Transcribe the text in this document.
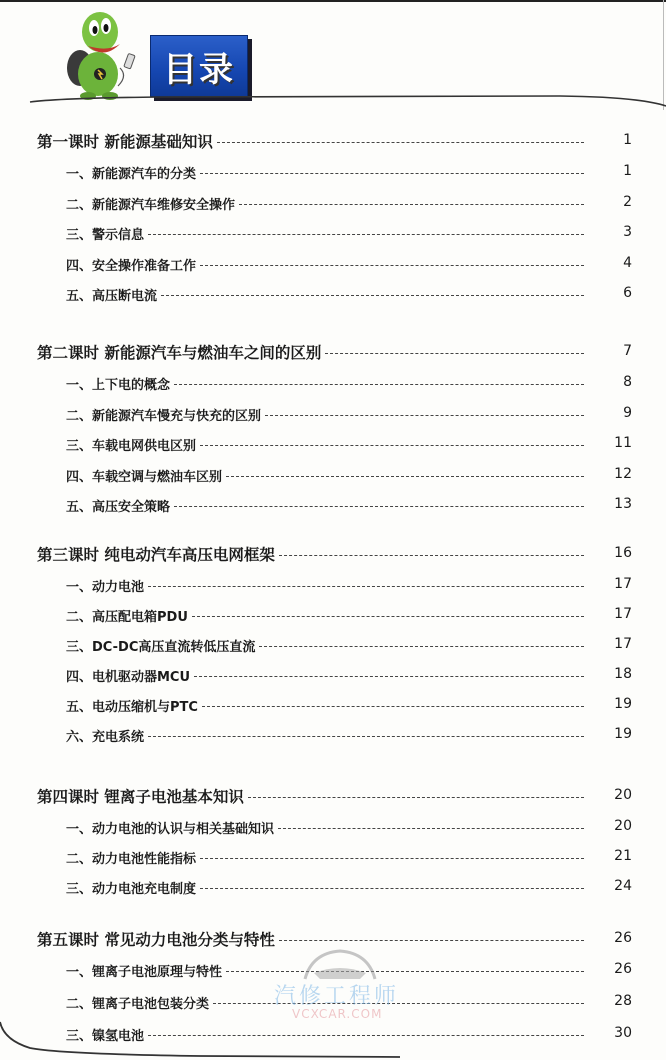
目录
第一课时 新能源基础知识	1
一、新能源汽车的分类	1
二、新能源汽车维修安全操作	2
三、警示信息	3
四、安全操作准备工作	4
五、高压断电流	6
第二课时 新能源汽车与燃油车之间的区别	7
一、上下电的概念	8
二、新能源汽车慢充与快充的区别	9
三、车载电网供电区别	11
四、车载空调与燃油车区别	12
五、高压安全策略	13
第三课时 纯电动汽车高压电网框架	16
一、动力电池	17
二、高压配电箱PDU	17
三、DC-DC高压直流转低压直流	17
四、电机驱动器MCU	18
五、电动压缩机与PTC	19
六、充电系统	19
第四课时 锂离子电池基本知识	20
一、动力电池的认识与相关基础知识	20
二、动力电池性能指标	21
三、动力电池充电制度	24
第五课时 常见动力电池分类与特性	26
一、锂离子电池原理与特性	26
二、锂离子电池包装分类	28
三、镍氢电池	30
汽修工程师
VCXCAR.COM
